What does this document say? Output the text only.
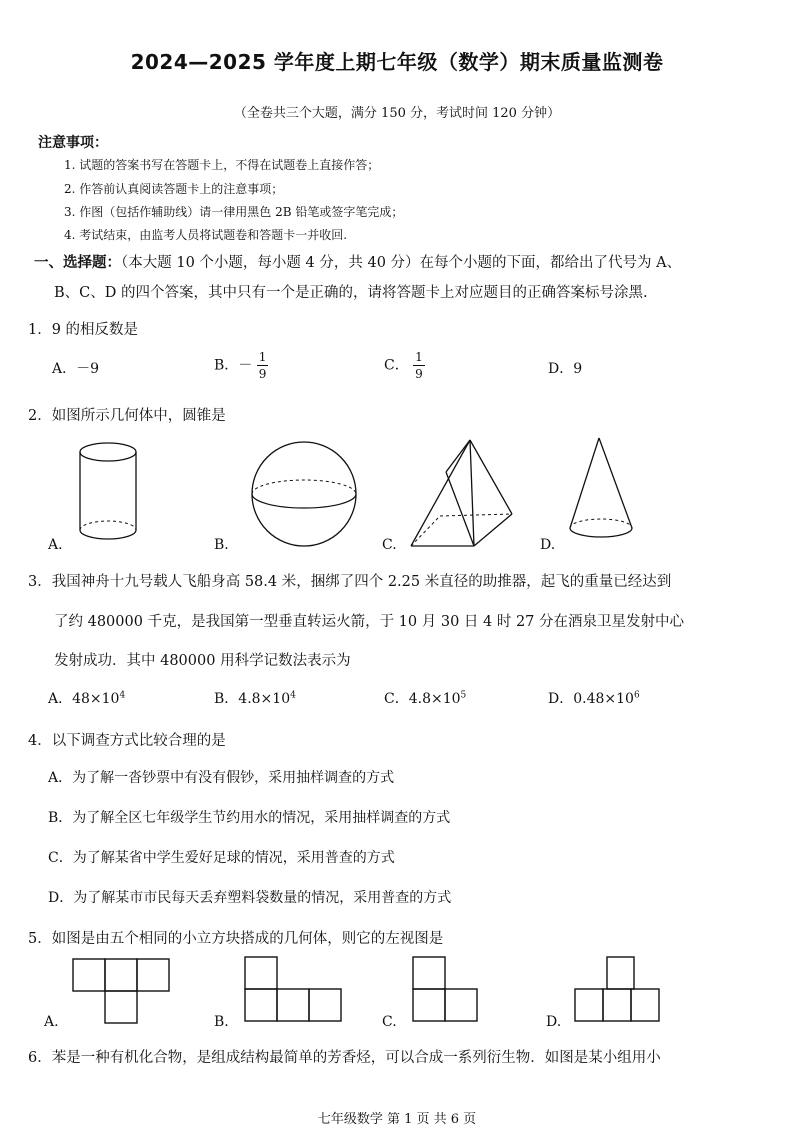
2024—2025 学年度上期七年级（数学）期末质量监测卷
（全卷共三个大题，满分 150 分，考试时间 120 分钟）
注意事项：
1. 试题的答案书写在答题卡上，不得在试题卷上直接作答；
2. 作答前认真阅读答题卡上的注意事项；
3. 作图（包括作辅助线）请一律用黑色 2B 铅笔或签字笔完成；
4. 考试结束，由监考人员将试题卷和答题卡一并收回.
一、选择题：（本大题 10 个小题，每小题 4 分，共 40 分）在每个小题的下面，都给出了代号为 A、
B、C、D 的四个答案，其中只有一个是正确的，请将答题卡上对应题目的正确答案标号涂黑.
1．9 的相反数是
A．－9	B．－ $\frac{1}{9}$	C． $\frac{1}{9}$	D．9
2．如图所示几何体中，圆锥是
A.	B.	C.	D.
3．我国神舟十九号载人飞船身高 58.4 米，捆绑了四个 2.25 米直径的助推器，起飞的重量已经达到
了约 480000 千克，是我国第一型垂直转运火箭，于 10 月 30 日 4 时 27 分在酒泉卫星发射中心
发射成功．其中 480000 用科学记数法表示为
A．$48\times 10^4$	B．$4.8\times 10^4$	C．$4.8\times 10^5$	D．$0.48\times 10^6$
4．以下调查方式比较合理的是
A．为了解一沓钞票中有没有假钞，采用抽样调查的方式
B．为了解全区七年级学生节约用水的情况，采用抽样调查的方式
C．为了解某省中学生爱好足球的情况，采用普查的方式
D．为了解某市市民每天丢弃塑料袋数量的情况，采用普查的方式
5．如图是由五个相同的小立方块搭成的几何体，则它的左视图是
A.	B.	C.	D.
6．苯是一种有机化合物，是组成结构最简单的芳香烃，可以合成一系列衍生物．如图是某小组用小
七年级数学 第 1 页 共 6 页
